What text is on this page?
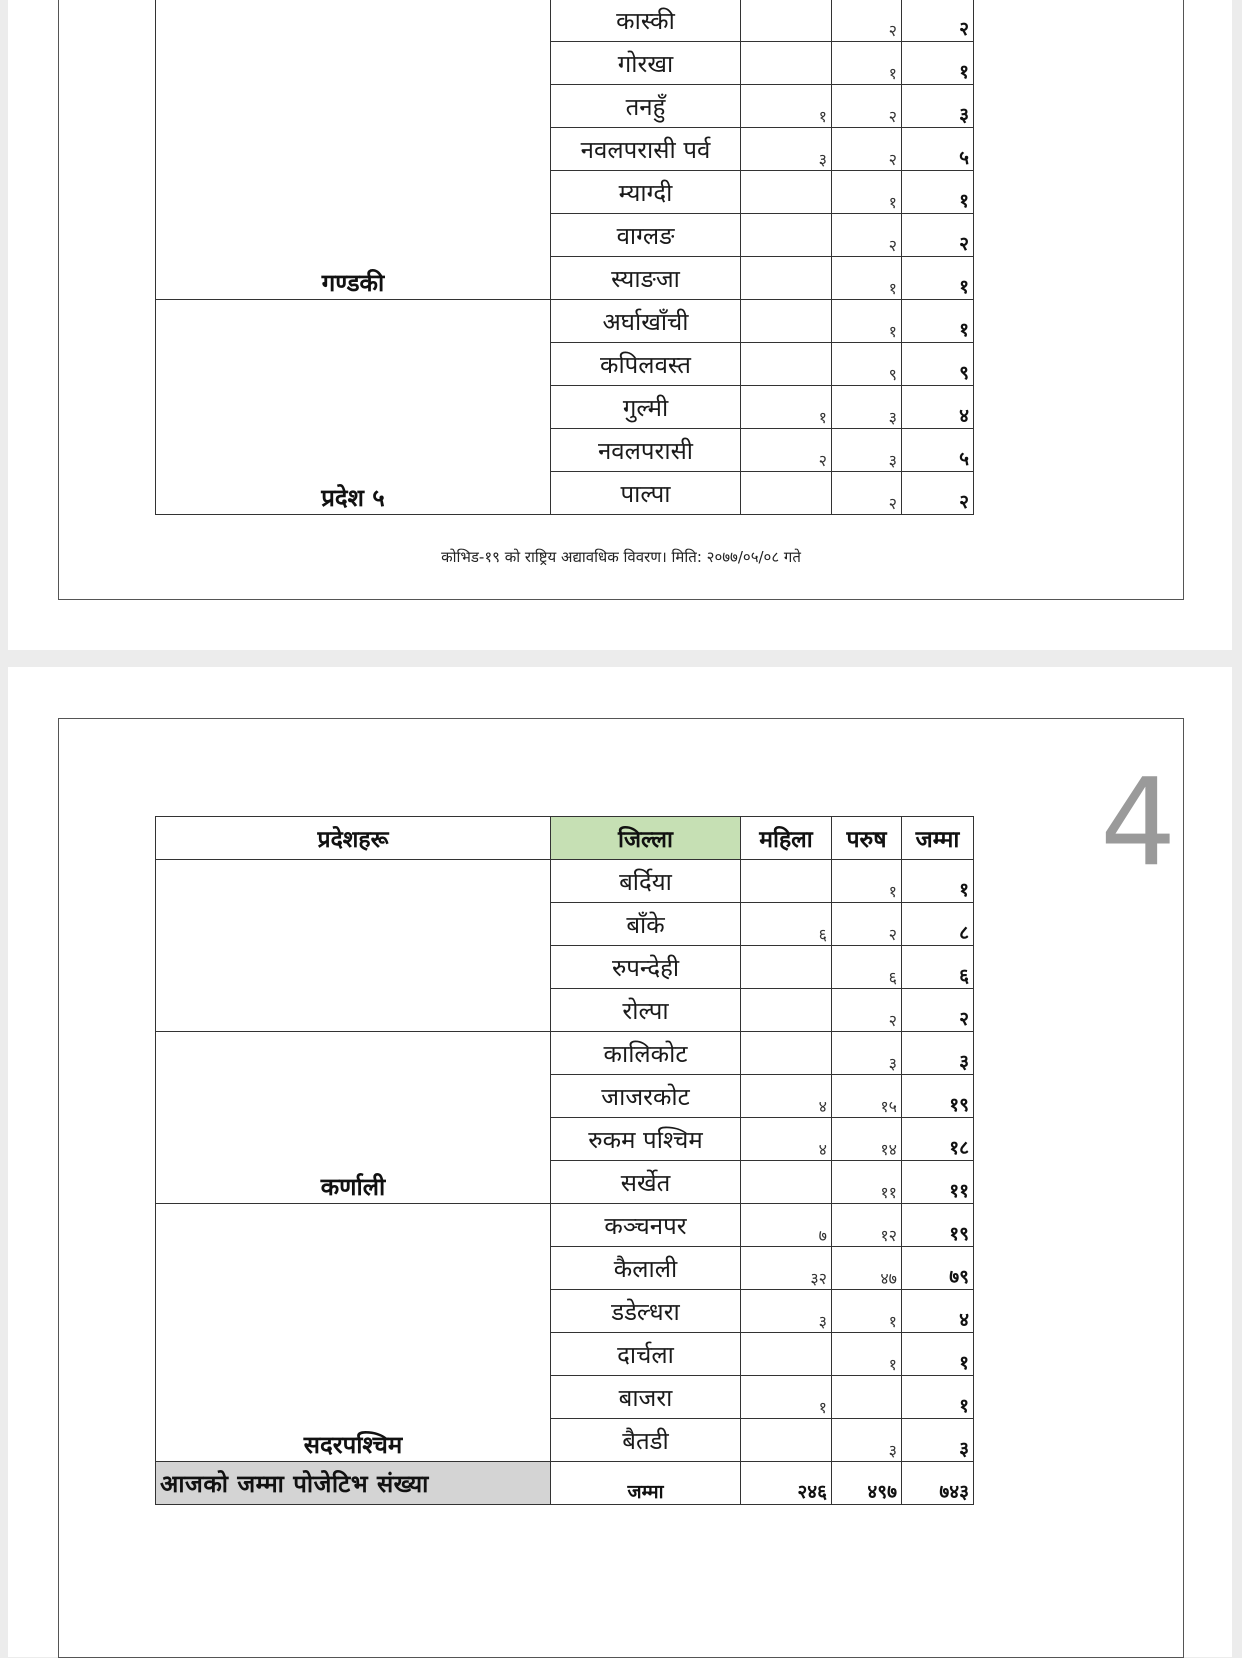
गण्डकी	कास्की		२	२
	गोरखा		१	१
	तनहुँ	१	२	३
	नवलपरासी पर्व	३	२	५
	म्याग्दी		१	१
	वाग्लङ		२	२
	स्याङजा		१	१
प्रदेश ५	अर्घाखाँची		१	१
	कपिलवस्त		९	९
	गुल्मी	१	३	४
	नवलपरासी	२	३	५
	पाल्पा		२	२
कोभिड-१९ को राष्ट्रिय अद्यावधिक विवरण। मिति: २०७७/०५/०८ गते
4
प्रदेशहरू	जिल्ला	महिला	परुष	जम्मा
	बर्दिया		१	१
	बाँके	६	२	८
	रुपन्देही		६	६
	रोल्पा		२	२
कर्णाली	कालिकोट		३	३
	जाजरकोट	४	१५	१९
	रुकम पश्चिम	४	१४	१८
	सर्खेत		११	११
सदरपश्चिम	कञ्चनपर	७	१२	१९
	कैलाली	३२	४७	७९
	डडेल्धरा	३	१	४
	दार्चला		१	१
	बाजरा	१		१
	बैतडी		३	३
आजको जम्मा पोजेटिभ संख्या	जम्मा	२४६	४९७	७४३
